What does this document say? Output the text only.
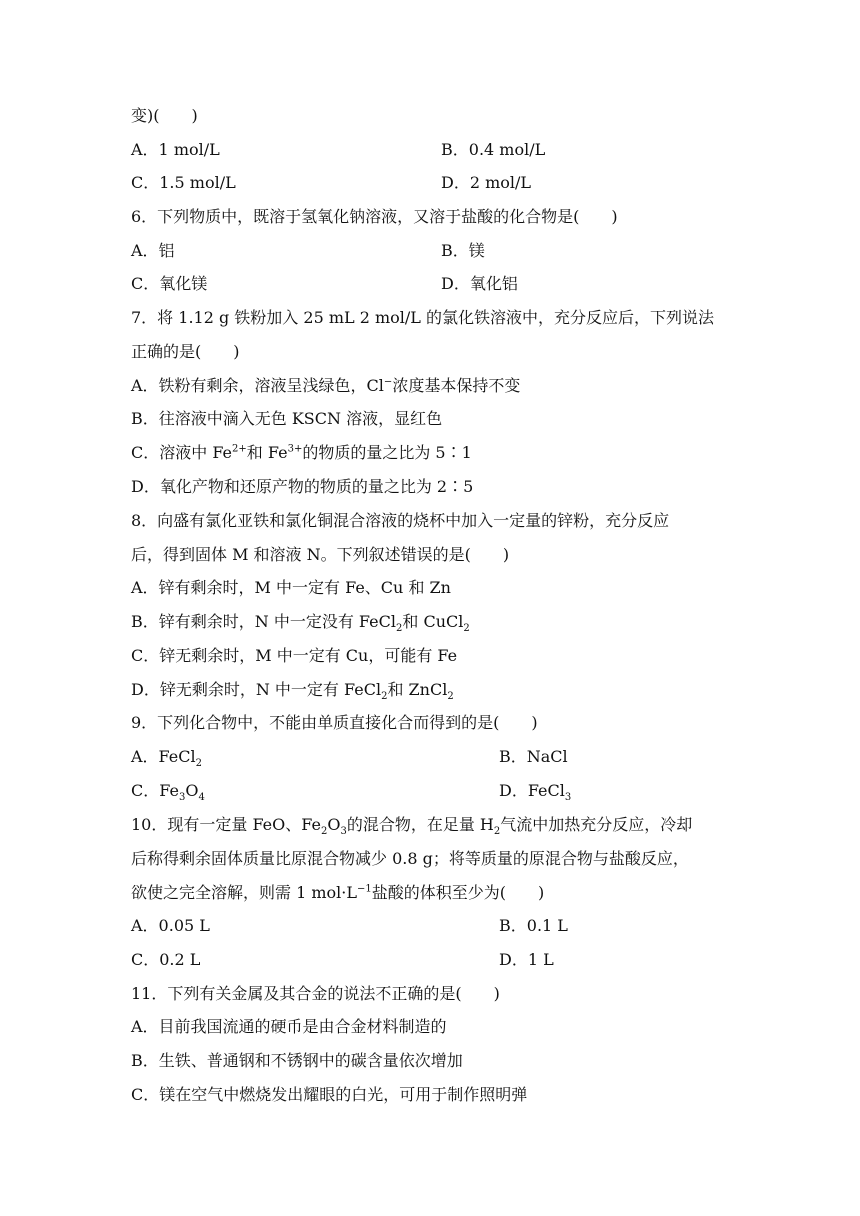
变)(　　)
A．1 mol/L	B．0.4 mol/L
C．1.5 mol/L	D．2 mol/L
6．下列物质中，既溶于氢氧化钠溶液，又溶于盐酸的化合物是(　　)
A．铝	B．镁
C．氧化镁	D．氧化铝
7．将 1.12 g 铁粉加入 25 mL 2 mol/L 的氯化铁溶液中，充分反应后，下列说法
正确的是(　　)
A．铁粉有剩余，溶液呈浅绿色，Cl−浓度基本保持不变
B．往溶液中滴入无色 KSCN 溶液，显红色
C．溶液中 $Fe^{2+}$和 $Fe^{3+}$的物质的量之比为 5∶1
D．氧化产物和还原产物的物质的量之比为 2∶5
8．向盛有氯化亚铁和氯化铜混合溶液的烧杯中加入一定量的锌粉，充分反应
后，得到固体 M 和溶液 N。下列叙述错误的是(　　)
A．锌有剩余时，M 中一定有 Fe、Cu 和 Zn
B．锌有剩余时，N 中一定没有 FeCl$_2$和 CuCl$_2$
C．锌无剩余时，M 中一定有 Cu，可能有 Fe
D．锌无剩余时，N 中一定有 FeCl$_2$和 ZnCl$_2$
9．下列化合物中，不能由单质直接化合而得到的是(　　)
A．FeCl$_2$	B．NaCl
C．$Fe_3O_4$	D．FeCl$_3$
10．现有一定量 FeO、$Fe_2O_3$的混合物，在足量 $H_2$气流中加热充分反应，冷却
后称得剩余固体质量比原混合物减少 0.8 g；将等质量的原混合物与盐酸反应，
欲使之完全溶解，则需 1 $mol\cdot L^{-1}$盐酸的体积至少为(　　)
A．0.05 L	B．0.1 L
C．0.2 L	D．1 L
11．下列有关金属及其合金的说法不正确的是(　　)
A．目前我国流通的硬币是由合金材料制造的
B．生铁、普通钢和不锈钢中的碳含量依次增加
C．镁在空气中燃烧发出耀眼的白光，可用于制作照明弹
